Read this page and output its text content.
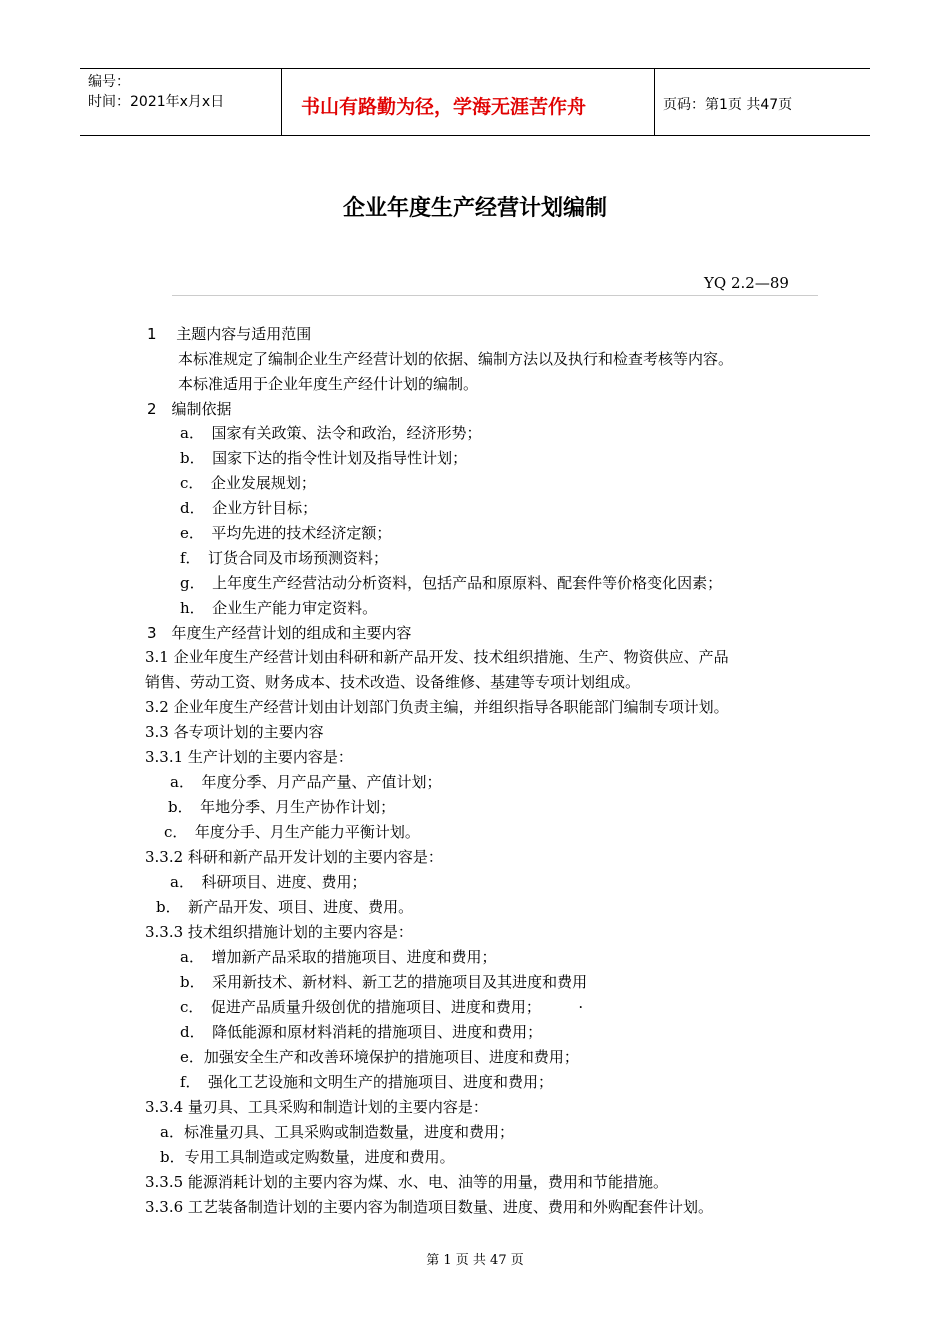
编号：
时间：2021年x月x日	书山有路勤为径，学海无涯苦作舟	页码：第1页 共47页
企业年度生产经营计划编制
YQ 2.2—89
1　 主题内容与适用范围
本标准规定了编制企业生产经营计划的依据、编制方法以及执行和检查考核等内容。
本标准适用于企业年度生产经什计划的编制。
2　编制依据
a．　国家有关政策、法令和政治，经济形势；
b．　国家下达的指令性计划及指导性计划；
c．　企业发展规划；
d．　企业方针目标；
e．　平均先进的技术经济定额；
f．　订货合同及市场预测资料；
g．　上年度生产经营沽动分析资料，包括产品和原原料、配套件等价格变化因素；
h．　企业生产能力审定资料。
3　年度生产经营计划的组成和主要内容
3.1 企业年度生产经营计划由科研和新产品开发、技术组织措施、生产、物资供应、产品
销售、劳动工资、财务成本、技术改造、设备维修、基建等专项计划组成。
3.2 企业年度生产经营计划由计划部门负责主编，并组织指导各职能部门编制专项计划。
3.3 各专项计划的主要内容
3.3.1 生产计划的主要内容是：
a．　年度分季、月产品产量、产值计划；
b．　年地分季、月生产协作计划；
c．　年度分手、月生产能力平衡计划。
3.3.2 科研和新产品开发计划的主要内容是：
a．　科研项目、进度、费用；
b．　新产品开发、项目、进度、费用。
3.3.3 技术组织措施计划的主要内容是：
a．　增加新产品采取的措施项目、进度和费用；
b．　采用新技术、新材料、新工艺的措施项目及其进度和费用
c．　促进产品质量升级创优的措施项目、进度和费用；　　　·
d．　降低能源和原材料消耗的措施项目、进度和费用；
e．加强安全生产和改善环境保护的措施项目、进度和费用；
f．　强化工艺设施和文明生产的措施项目、进度和费用；
3.3.4 量刃具、工具采购和制造计划的主要内容是：
a．标准量刃具、工具采购或制造数量，进度和费用；
b．专用工具制造或定购数量，进度和费用。
3.3.5 能源消耗计划的主要内容为煤、水、电、油等的用量，费用和节能措施。
3.3.6 工艺装备制造计划的主要内容为制造项目数量、进度、费用和外购配套件计划。
第 1 页 共 47 页
